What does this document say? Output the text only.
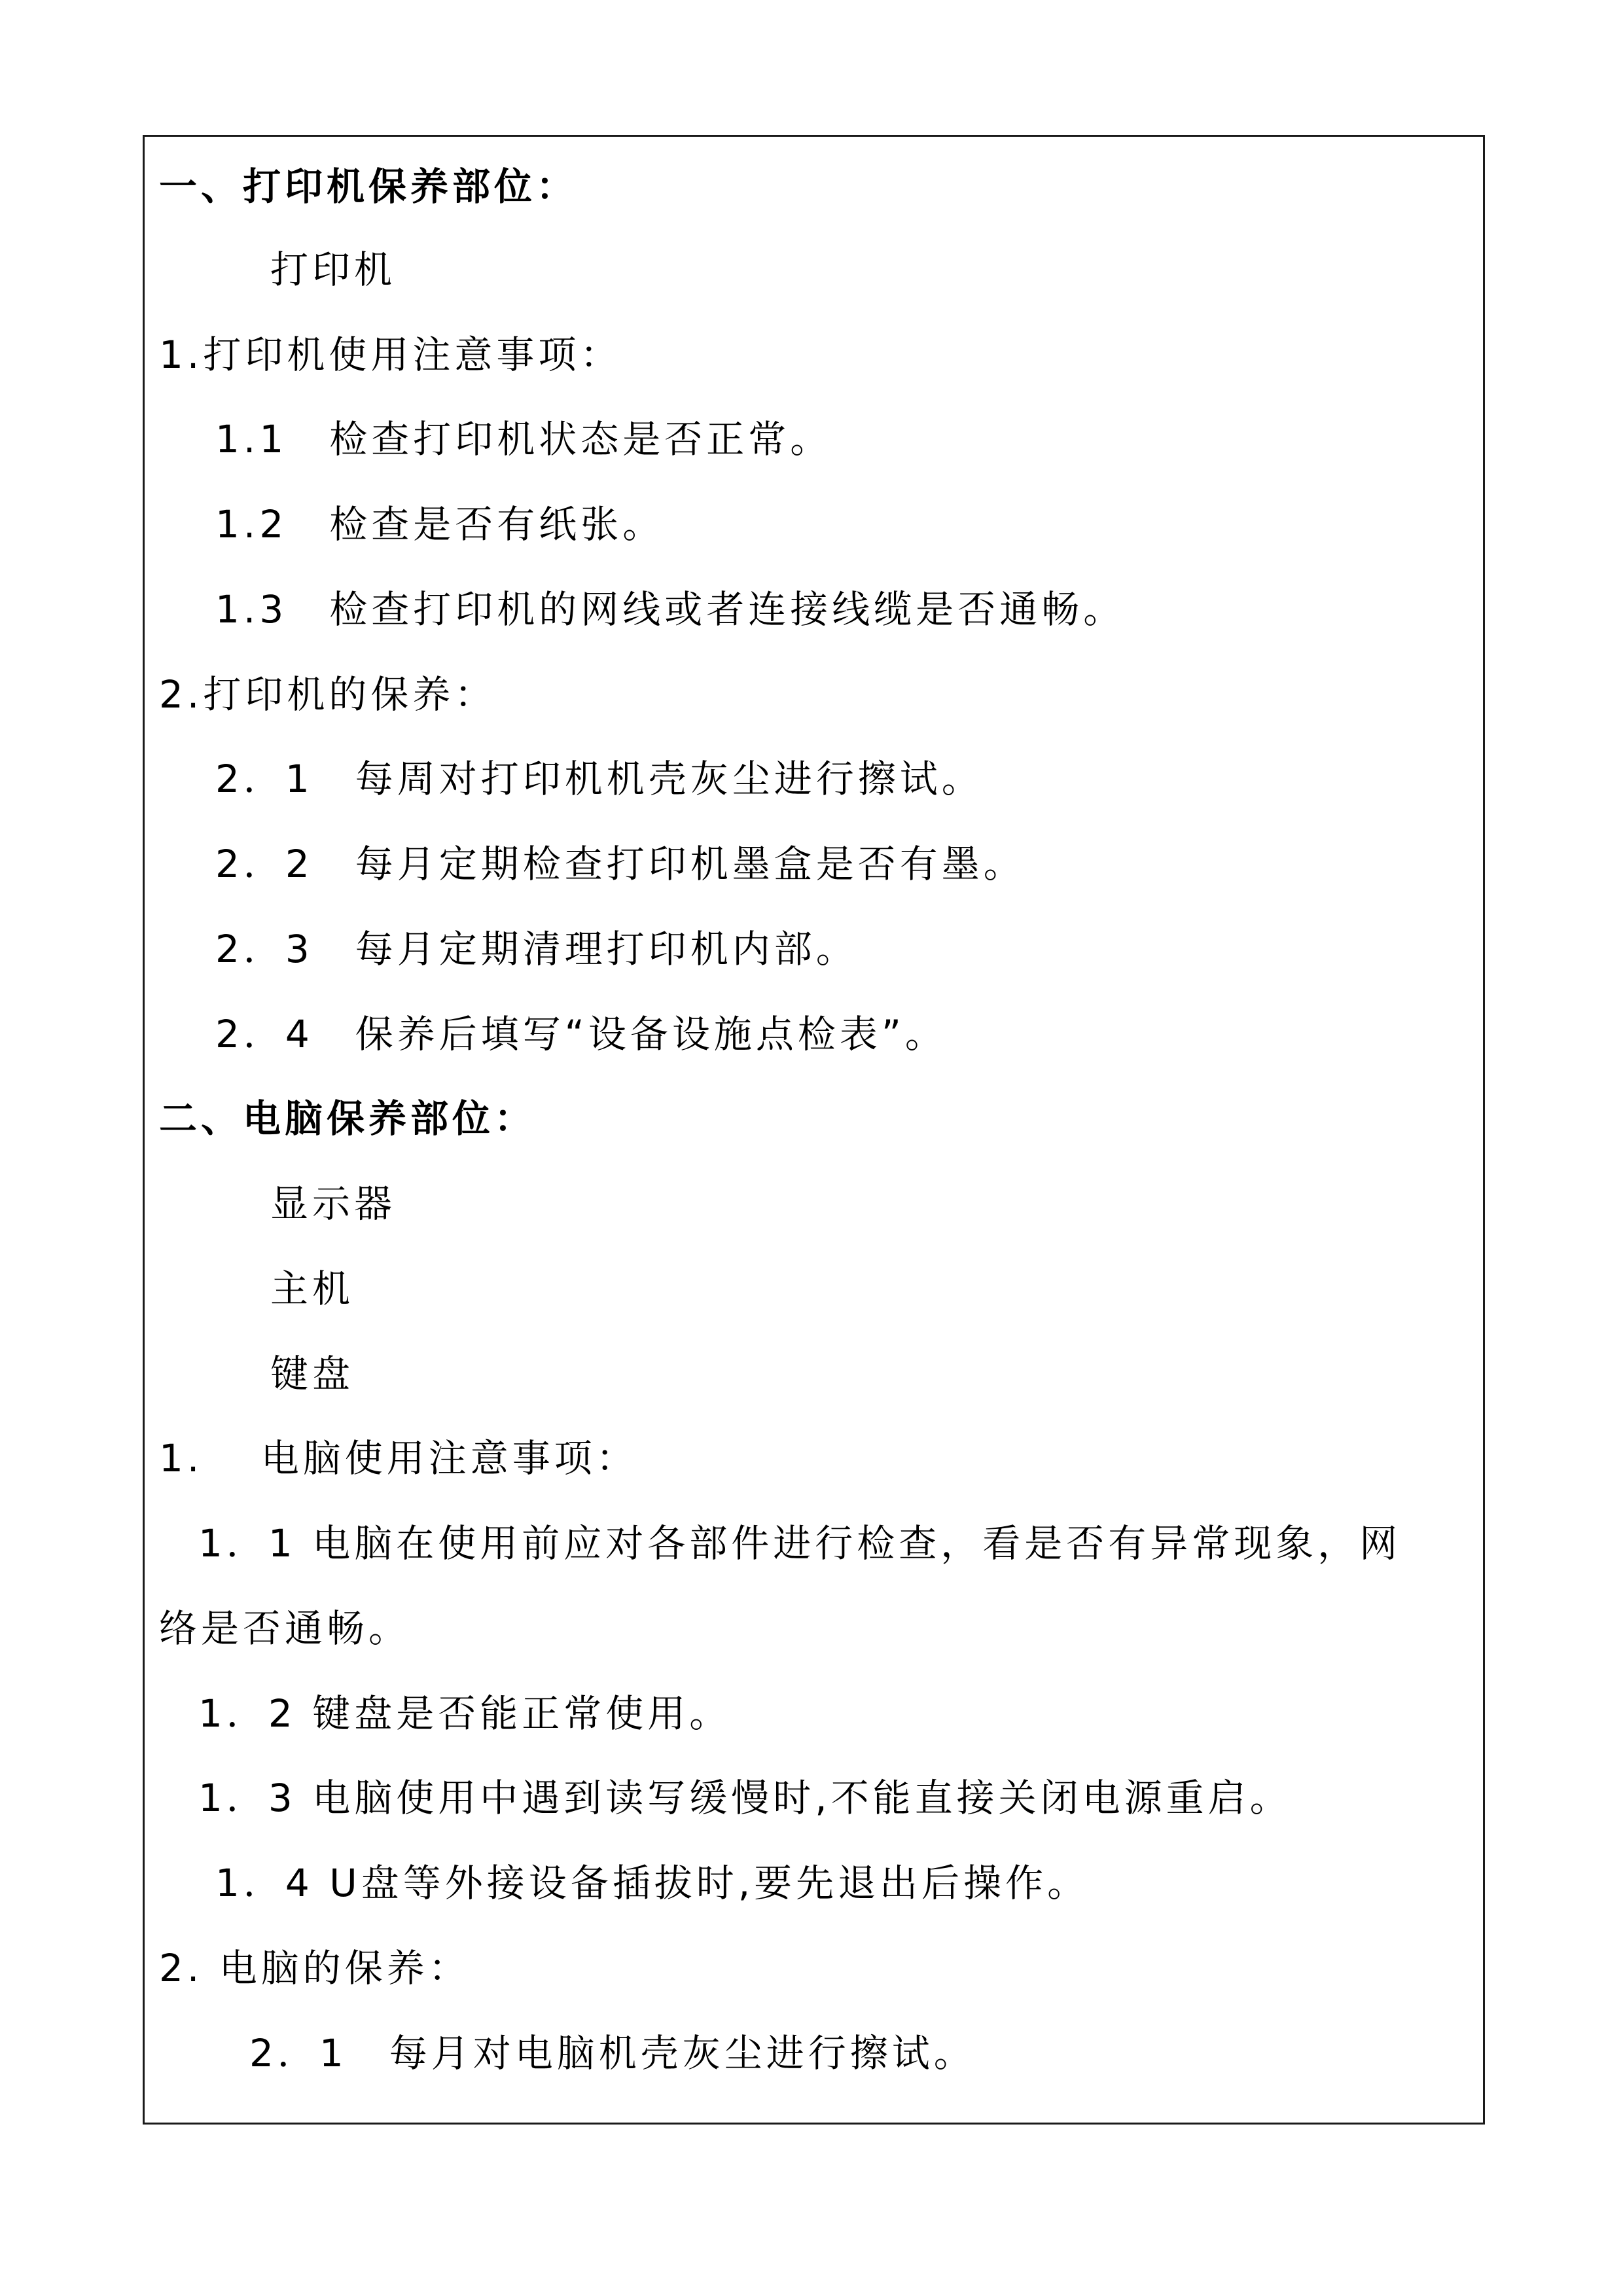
一、打印机保养部位：
打印机
1.打印机使用注意事项：
1.1　检查打印机状态是否正常。
1.2　检查是否有纸张。
1.3　检查打印机的网线或者连接线缆是否通畅。
2.打印机的保养：
2．1　每周对打印机机壳灰尘进行擦试。
2．2　每月定期检查打印机墨盒是否有墨。
2．3　每月定期清理打印机内部。
2．4　保养后填写“设备设施点检表”。
二、电脑保养部位：
显示器
主机
键盘
1.　 电脑使用注意事项：
1．1 电脑在使用前应对各部件进行检查，看是否有异常现象，网
络是否通畅。
1．2 键盘是否能正常使用。
1．3 电脑使用中遇到读写缓慢时,不能直接关闭电源重启。
1．4 U盘等外接设备插拔时,要先退出后操作。
2. 电脑的保养：
2．1　每月对电脑机壳灰尘进行擦试。
